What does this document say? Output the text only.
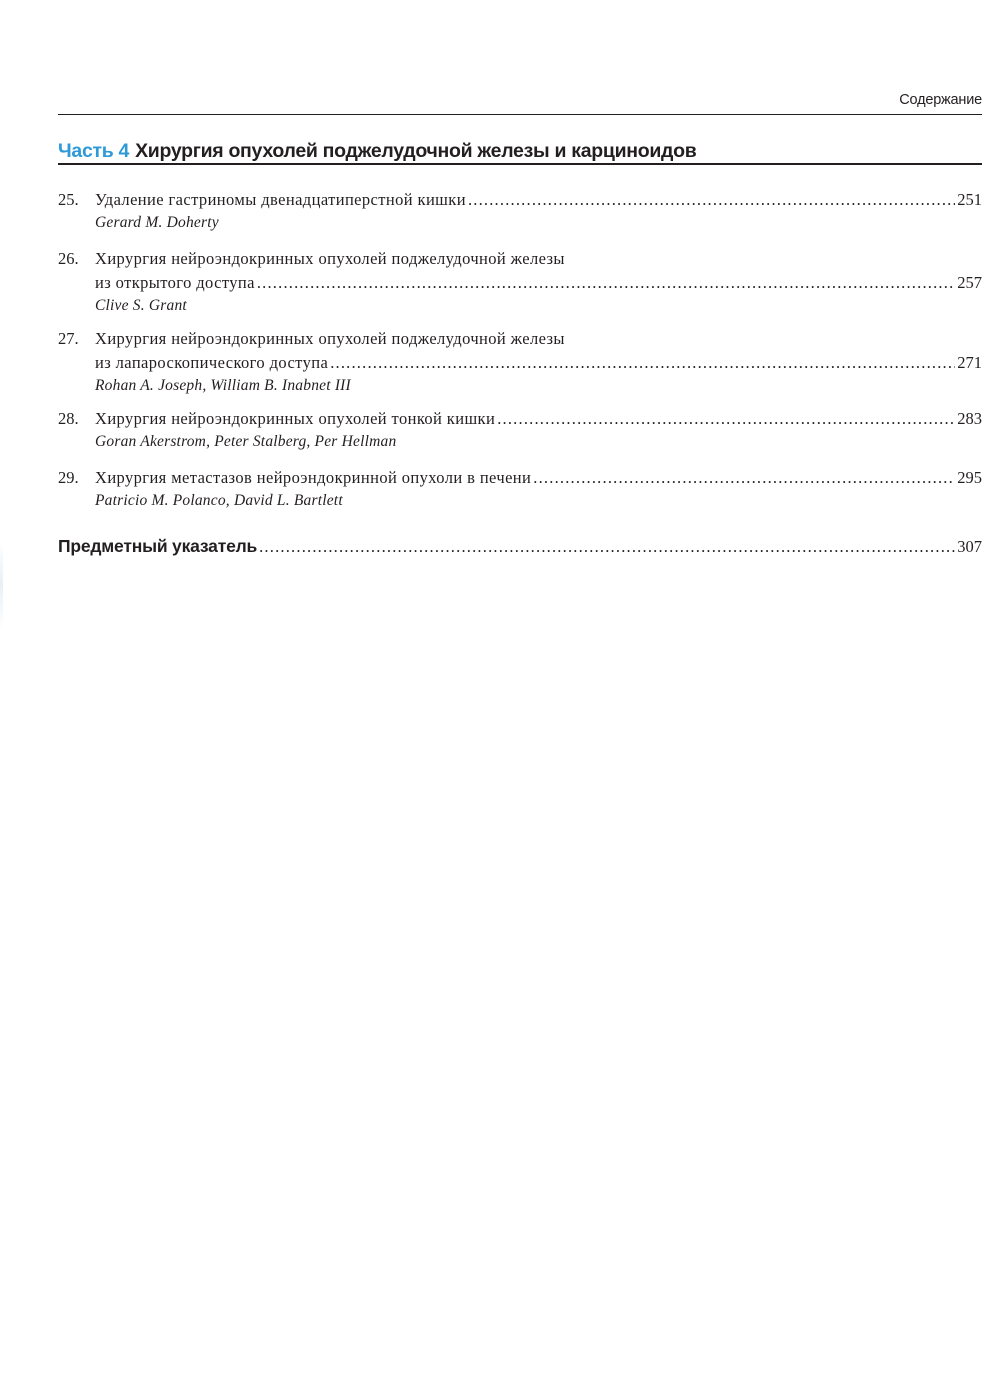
Содержание
Часть 4 Хирургия опухолей поджелудочной железы и карциноидов
25. Удаление гастриномы двенадцатиперстной кишки .....	251
Gerard M. Doherty
26. Хирургия нейроэндокринных опухолей поджелудочной железы
из открытого доступа .....	257
Clive S. Grant
27. Хирургия нейроэндокринных опухолей поджелудочной железы
из лапароскопического доступа .....	271
Rohan A. Joseph, William B. Inabnet III
28. Хирургия нейроэндокринных опухолей тонкой кишки .....	283
Goran Akerstrom, Peter Stalberg, Per Hellman
29. Хирургия метастазов нейроэндокринной опухоли в печени .....	295
Patricio M. Polanco, David L. Bartlett
Предметный указатель .....	307
